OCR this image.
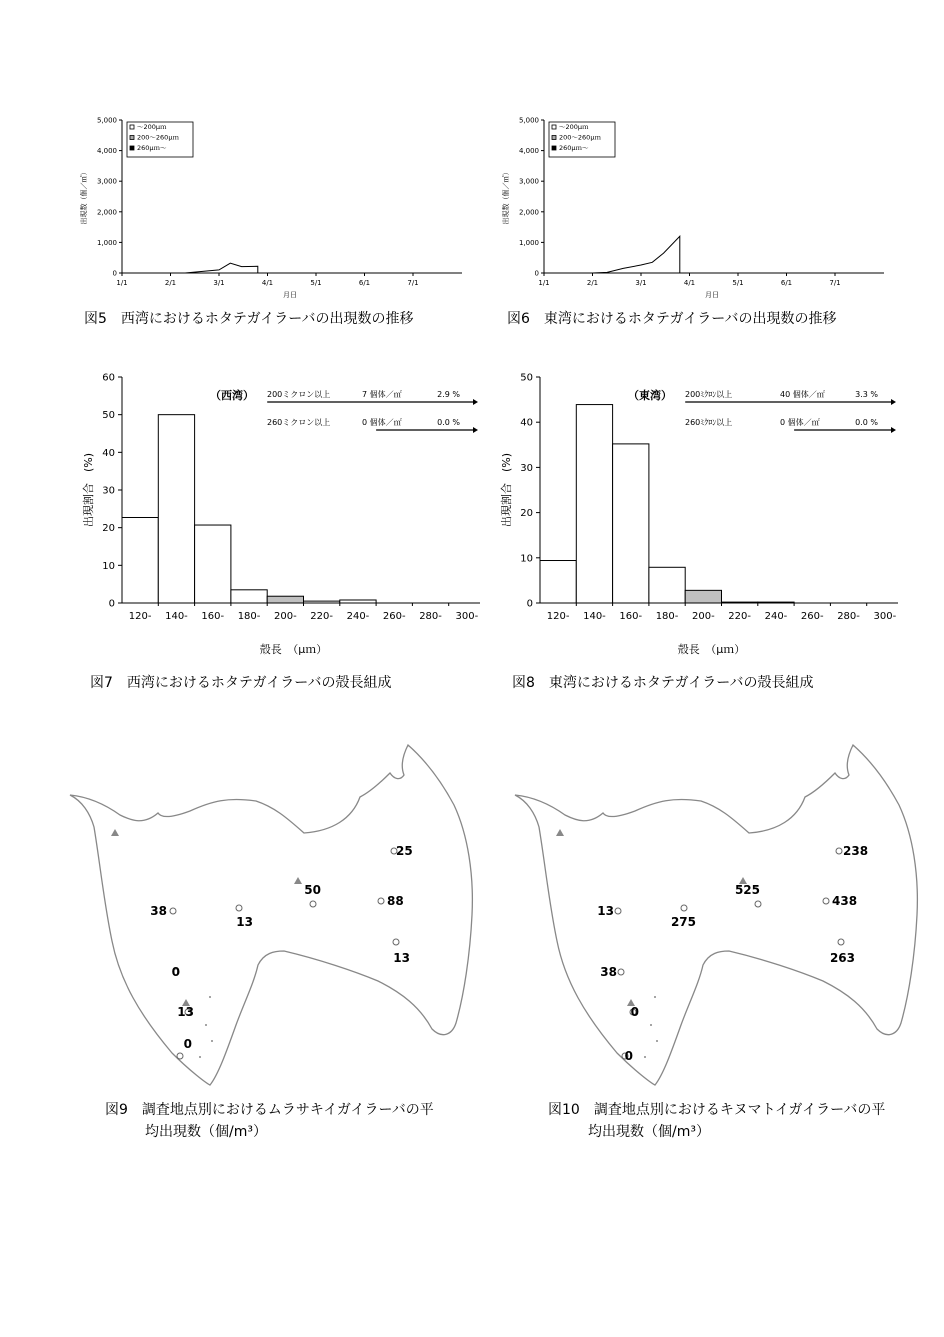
0
1,000
2,000
3,000
4,000
5,000
1/1	2/1	3/1	4/1	5/1	6/1	7/1
月日
出現数（個／㎥）
～200μｍ
200～260μｍ
260μｍ～
図5　西湾におけるホタテガイラーバの出現数の推移
0
1,000
2,000
3,000
4,000
5,000
1/1	2/1	3/1	4/1	5/1	6/1	7/1
月日
出現数（個／㎥）
～200μｍ
200～260μｍ
260μｍ～
図6　東湾におけるホタテガイラーバの出現数の推移
0
10
20
30
40
50
60
120- 140- 160- 180- 200- 220- 240- 260- 280- 300-
殻長　（μｍ）
出現割合　(%)
（西湾） 200ミクロン以上	7 個体／㎡	2.9 %
260ミクロン以上	0 個体／㎡	0.0 %
図7　西湾におけるホタテガイラーバの殻長組成
0
10
20
30
40
50
120- 140- 160- 180- 200- 220- 240- 260- 280- 300-
殻長　（μｍ）
出現割合　(%)
（東湾） 200ﾐｸﾛﾝ以上	40 個体／㎡	3.3 %
260ﾐｸﾛﾝ以上	0 個体／㎡	0.0 %
図8　東湾におけるホタテガイラーバの殻長組成
38
13
50
25
88
13
0
13
0
図9　調査地点別におけるムラサキイガイラーバの平
均出現数（個/m³）
13
275
525
238
438
263
38
0
0
図10　調査地点別におけるキヌマトイガイラーバの平
均出現数（個/m³）
